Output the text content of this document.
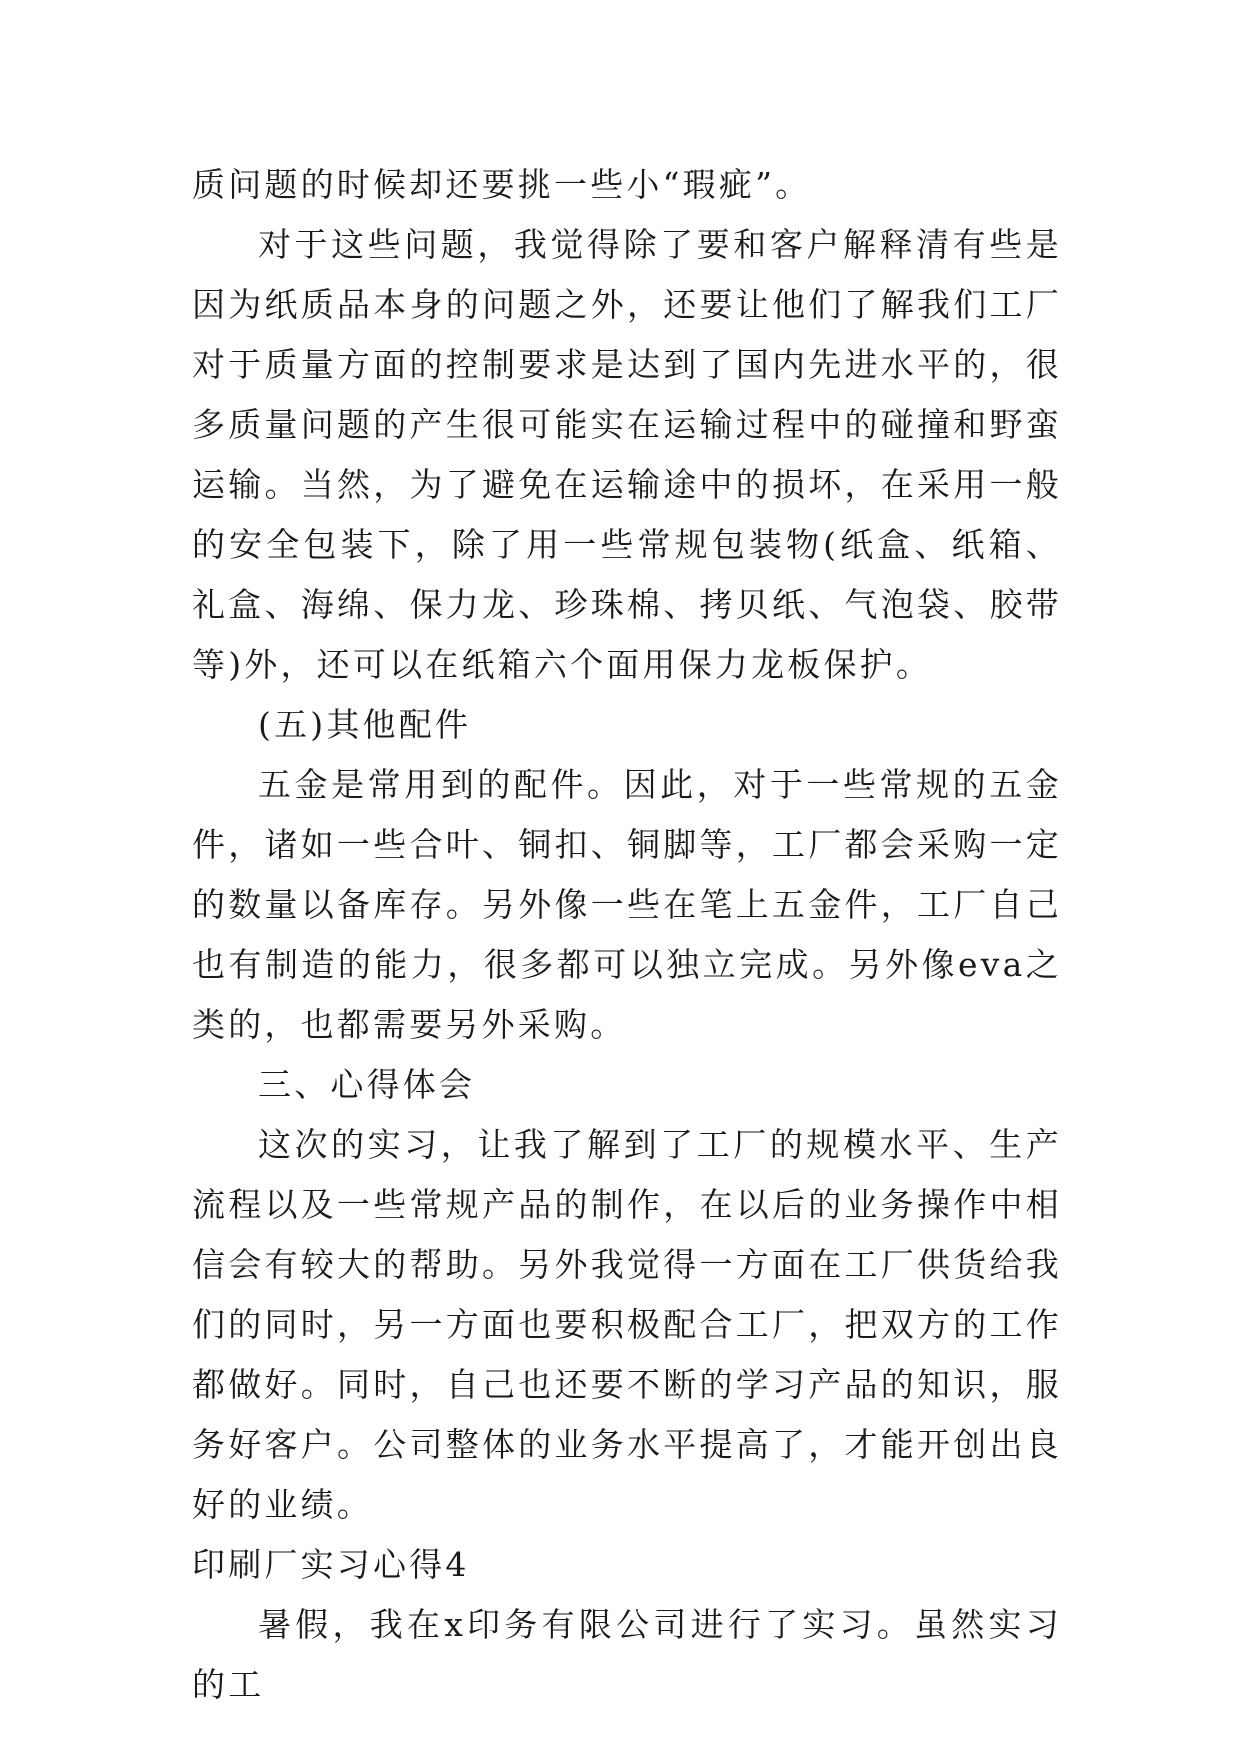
质问题的时候却还要挑一些小“瑕疵”。

对于这些问题，我觉得除了要和客户解释清有些是因为纸质品本身的问题之外，还要让他们了解我们工厂对于质量方面的控制要求是达到了国内先进水平的，很多质量问题的产生很可能实在运输过程中的碰撞和野蛮运输。当然，为了避免在运输途中的损坏，在采用一般的安全包装下，除了用一些常规包装物(纸盒、纸箱、礼盒、海绵、保力龙、珍珠棉、拷贝纸、气泡袋、胶带等)外，还可以在纸箱六个面用保力龙板保护。

(五)其他配件

五金是常用到的配件。因此，对于一些常规的五金件，诸如一些合叶、铜扣、铜脚等，工厂都会采购一定的数量以备库存。另外像一些在笔上五金件，工厂自己也有制造的能力，很多都可以独立完成。另外像eva之类的，也都需要另外采购。

三、心得体会

这次的实习，让我了解到了工厂的规模水平、生产流程以及一些常规产品的制作，在以后的业务操作中相信会有较大的帮助。另外我觉得一方面在工厂供货给我们的同时，另一方面也要积极配合工厂，把双方的工作都做好。同时，自己也还要不断的学习产品的知识，服务好客户。公司整体的业务水平提高了，才能开创出良好的业绩。

印刷厂实习心得4

暑假，我在x印务有限公司进行了实习。虽然实习的工
